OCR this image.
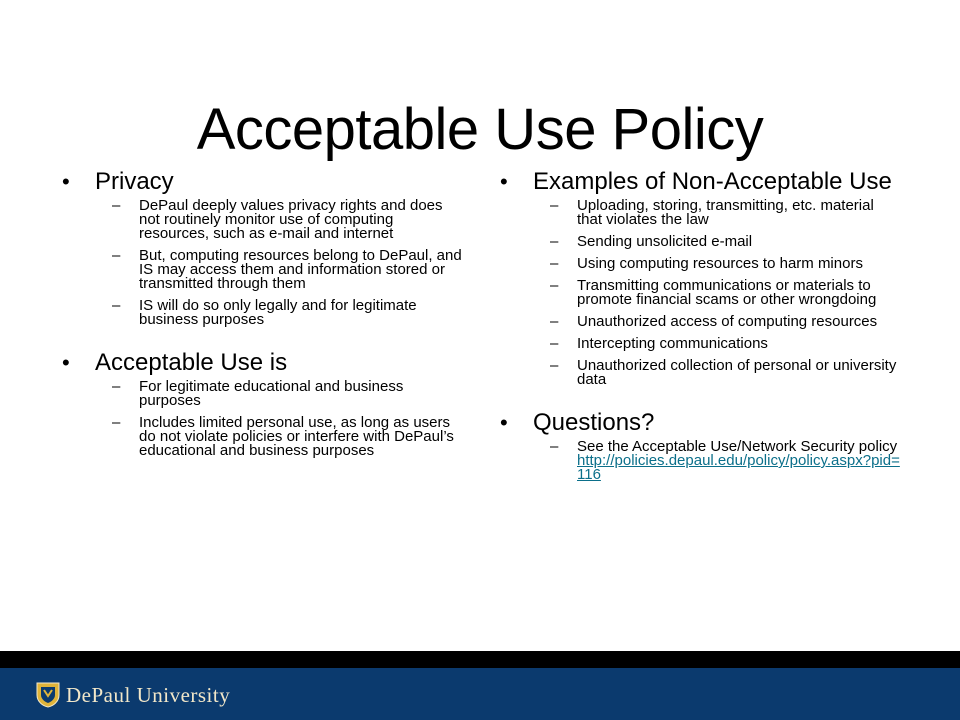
Acceptable Use Policy
• Privacy
– DePaul deeply values privacy rights and does not routinely monitor use of computing resources, such as e-mail and internet
– But, computing resources belong to DePaul, and IS may access them and information stored or transmitted through them
– IS will do so only legally and for legitimate business purposes
• Acceptable Use is
– For legitimate educational and business purposes
– Includes limited personal use, as long as users do not violate policies or interfere with DePaul’s educational and business purposes
• Examples of Non-Acceptable Use
– Uploading, storing, transmitting, etc. material that violates the law
– Sending unsolicited e-mail
– Using computing resources to harm minors
– Transmitting communications or materials to promote financial scams or other wrongdoing
– Unauthorized access of computing resources
– Intercepting communications
– Unauthorized collection of personal or university data
• Questions?
– See the Acceptable Use/Network Security policy http://policies.depaul.edu/policy/policy.aspx?pid=116
DePaul University
